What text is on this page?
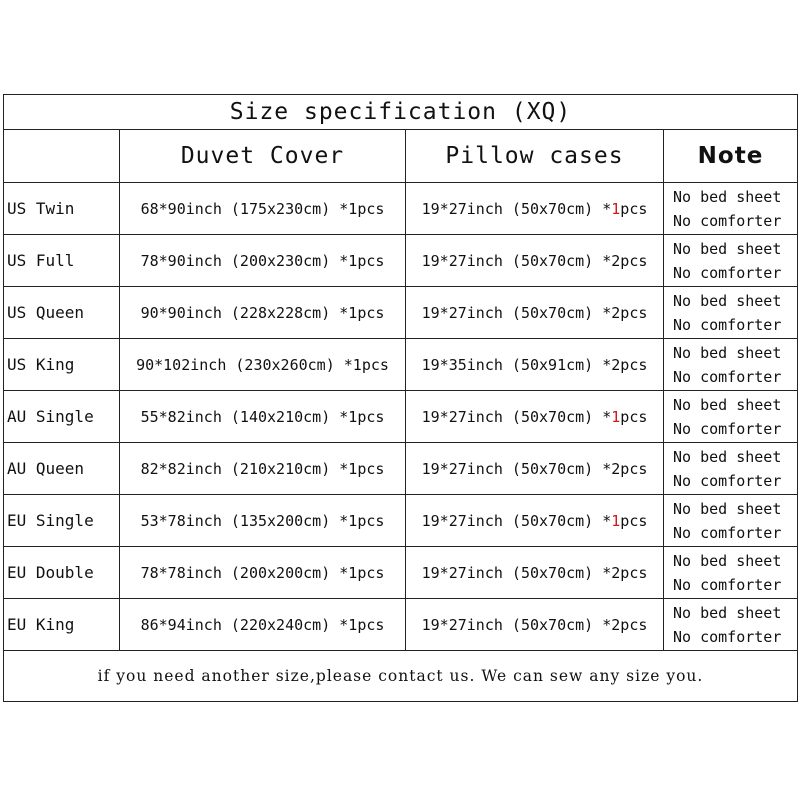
Size specification (XQ)			
	Duvet Cover	Pillow cases	Note
US Twin	68*90inch (175x230cm) *1pcs	19*27inch (50x70cm) *1pcs	No bed sheet
No comforter

US Full	78*90inch (200x230cm) *1pcs	19*27inch (50x70cm) *2pcs	No bed sheet
No comforter

US Queen	90*90inch (228x228cm) *1pcs	19*27inch (50x70cm) *2pcs	No bed sheet
No comforter

US King	90*102inch (230x260cm) *1pcs	19*35inch (50x91cm) *2pcs	No bed sheet
No comforter

AU Single	55*82inch (140x210cm) *1pcs	19*27inch (50x70cm) *1pcs	No bed sheet
No comforter

AU Queen	82*82inch (210x210cm) *1pcs	19*27inch (50x70cm) *2pcs	No bed sheet
No comforter

EU Single	53*78inch (135x200cm) *1pcs	19*27inch (50x70cm) *1pcs	No bed sheet
No comforter

EU Double	78*78inch (200x200cm) *1pcs	19*27inch (50x70cm) *2pcs	No bed sheet
No comforter

EU King	86*94inch (220x240cm) *1pcs	19*27inch (50x70cm) *2pcs	No bed sheet
No comforter

if you need another size,please contact us. We can sew any size you.			
